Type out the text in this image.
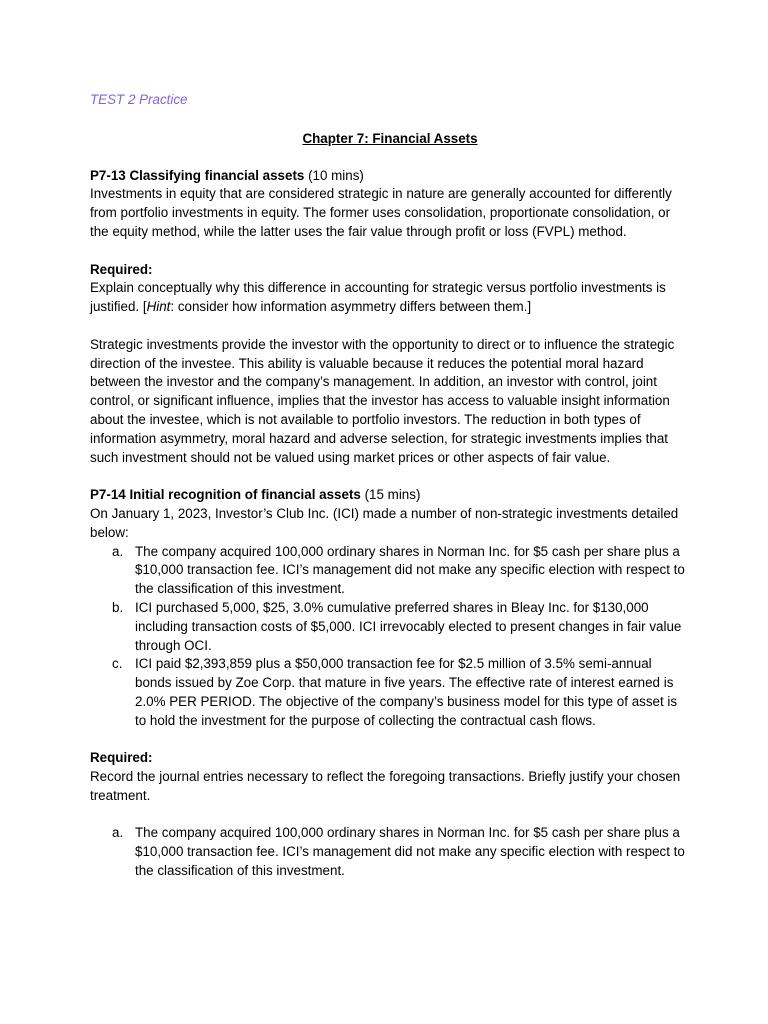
TEST 2 Practice

Chapter 7: Financial Assets

P7-13 Classifying financial assets (10 mins)

Investments in equity that are considered strategic in nature are generally accounted for differently from portfolio investments in equity. The former uses consolidation, proportionate consolidation, or the equity method, while the latter uses the fair value through profit or loss (FVPL) method.

Required:

Explain conceptually why this difference in accounting for strategic versus portfolio investments is justified. [Hint: consider how information asymmetry differs between them.]

Strategic investments provide the investor with the opportunity to direct or to influence the strategic direction of the investee. This ability is valuable because it reduces the potential moral hazard between the investor and the company’s management. In addition, an investor with control, joint control, or significant influence, implies that the investor has access to valuable insight information about the investee, which is not available to portfolio investors. The reduction in both types of information asymmetry, moral hazard and adverse selection, for strategic investments implies that such investment should not be valued using market prices or other aspects of fair value.

P7-14 Initial recognition of financial assets (15 mins)

On January 1, 2023, Investor’s Club Inc. (ICI) made a number of non-strategic investments detailed below:

a. The company acquired 100,000 ordinary shares in Norman Inc. for $5 cash per share plus a $10,000 transaction fee. ICI’s management did not make any specific election with respect to the classification of this investment.
b. ICI purchased 5,000, $25, 3.0% cumulative preferred shares in Bleay Inc. for $130,000 including transaction costs of $5,000. ICI irrevocably elected to present changes in fair value through OCI.
c. ICI paid $2,393,859 plus a $50,000 transaction fee for $2.5 million of 3.5% semi-annual bonds issued by Zoe Corp. that mature in five years. The effective rate of interest earned is 2.0% PER PERIOD. The objective of the company’s business model for this type of asset is to hold the investment for the purpose of collecting the contractual cash flows.

Required:

Record the journal entries necessary to reflect the foregoing transactions. Briefly justify your chosen treatment.

a. The company acquired 100,000 ordinary shares in Norman Inc. for $5 cash per share plus a $10,000 transaction fee. ICI’s management did not make any specific election with respect to the classification of this investment.
